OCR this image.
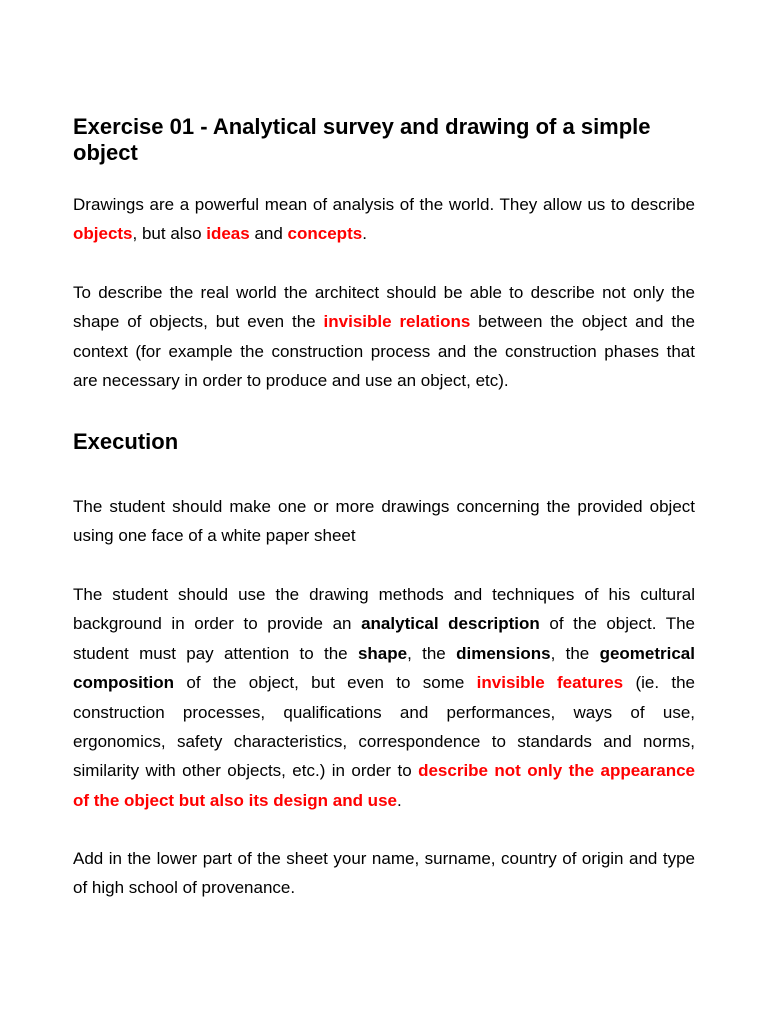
Exercise 01 - Analytical survey and drawing of a simple object

Drawings are a powerful mean of analysis of the world. They allow us to describe objects, but also ideas and concepts.

To describe the real world the architect should be able to describe not only the shape of objects, but even the invisible relations between the object and the context (for example the construction process and the construction phases that are necessary in order to produce and use an object, etc).

Execution

The student should make one or more drawings concerning the provided object using one face of a white paper sheet

The student should use the drawing methods and techniques of his cultural background in order to provide an analytical description of the object. The student must pay attention to the shape, the dimensions, the geometrical composition of the object, but even to some invisible features (ie. the construction processes, qualifications and performances, ways of use, ergonomics, safety characteristics, correspondence to standards and norms, similarity with other objects, etc.) in order to describe not only the appearance of the object but also its design and use.

Add in the lower part of the sheet your name, surname, country of origin and type of high school of provenance.
